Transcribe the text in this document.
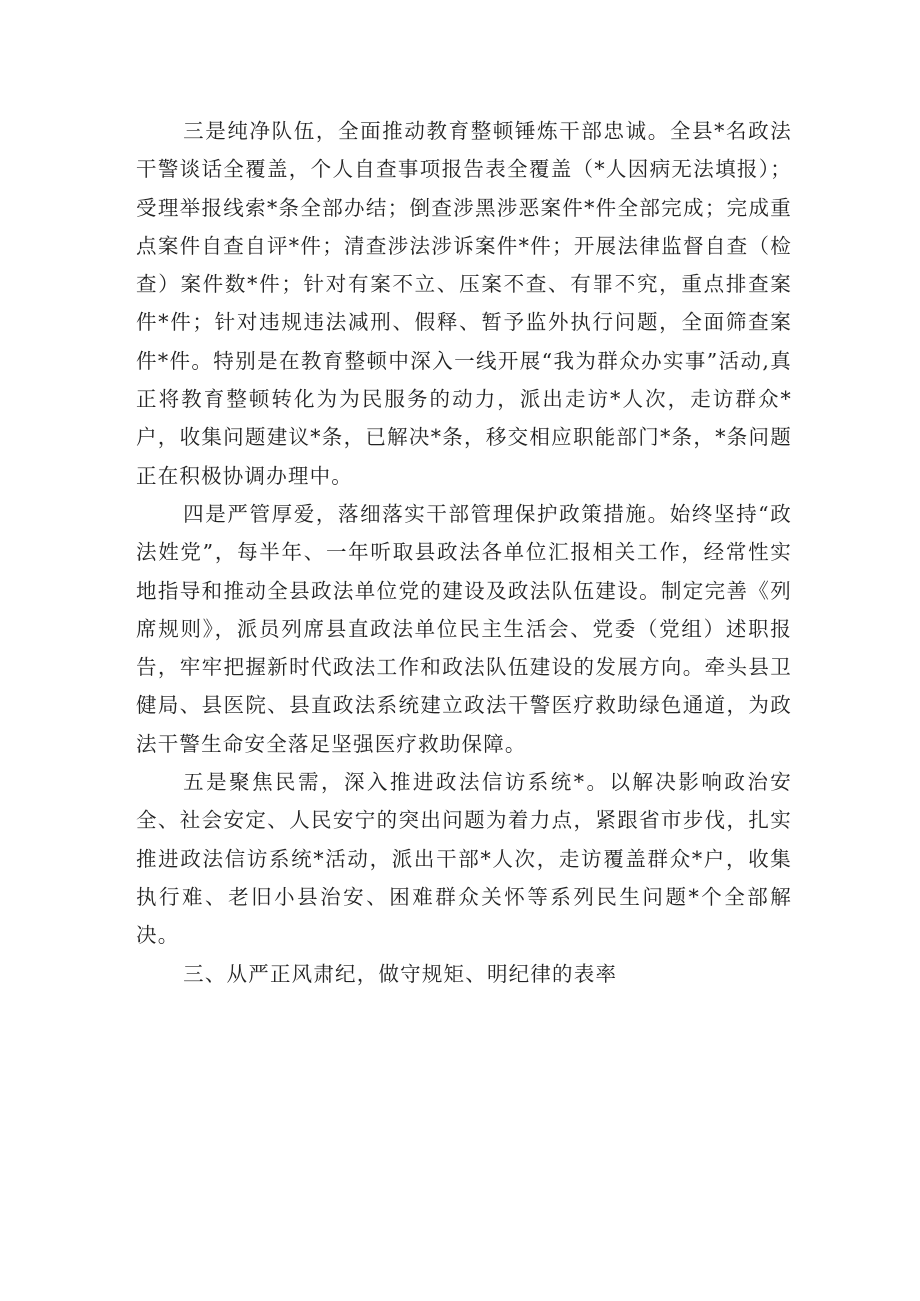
三是纯净队伍，全面推动教育整顿锤炼干部忠诚。全县*名政法干警谈话全覆盖，个人自查事项报告表全覆盖（*人因病无法填报）；受理举报线索*条全部办结；倒查涉黑涉恶案件*件全部完成；完成重点案件自查自评*件；清查涉法涉诉案件*件；开展法律监督自查（检查）案件数*件；针对有案不立、压案不查、有罪不究，重点排查案件*件；针对违规违法减刑、假释、暂予监外执行问题，全面筛查案件*件。特别是在教育整顿中深入一线开展“我为群众办实事”活动,真正将教育整顿转化为为民服务的动力，派出走访*人次，走访群众*户，收集问题建议*条，已解决*条，移交相应职能部门*条，*条问题正在积极协调办理中。

四是严管厚爱，落细落实干部管理保护政策措施。始终坚持“政法姓党”，每半年、一年听取县政法各单位汇报相关工作，经常性实地指导和推动全县政法单位党的建设及政法队伍建设。制定完善《列席规则》，派员列席县直政法单位民主生活会、党委（党组）述职报告，牢牢把握新时代政法工作和政法队伍建设的发展方向。牵头县卫健局、县医院、县直政法系统建立政法干警医疗救助绿色通道，为政法干警生命安全落足坚强医疗救助保障。

五是聚焦民需，深入推进政法信访系统*。以解决影响政治安全、社会安定、人民安宁的突出问题为着力点，紧跟省市步伐，扎实推进政法信访系统*活动，派出干部*人次，走访覆盖群众*户，收集执行难、老旧小县治安、困难群众关怀等系列民生问题*个全部解决。

三、从严正风肃纪，做守规矩、明纪律的表率
